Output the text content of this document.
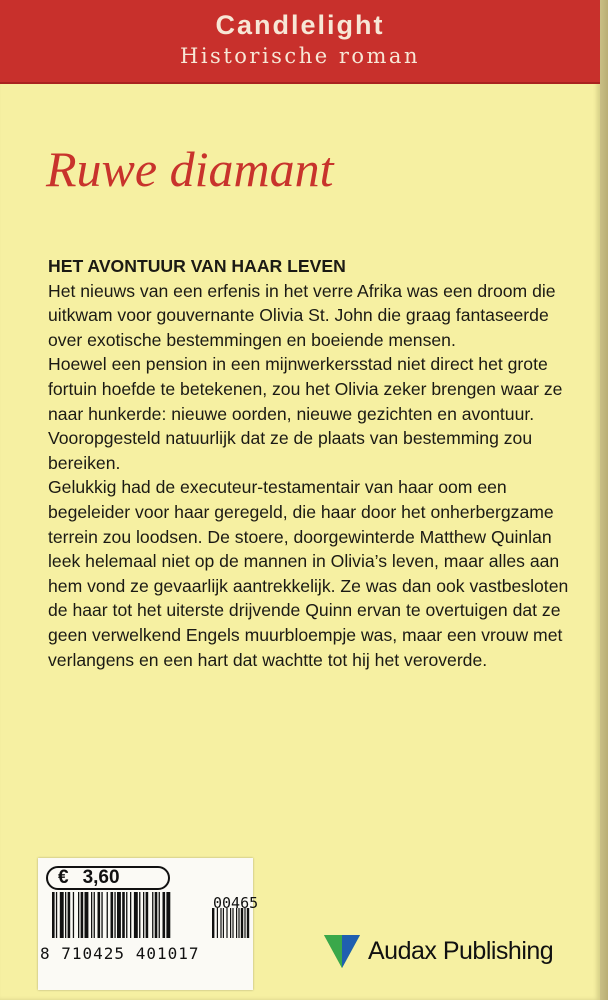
Candlelight
Historische roman
Ruwe diamant

HET AVONTUUR VAN HAAR LEVEN

Het nieuws van een erfenis in het verre Afrika was een droom die uitkwam voor gouvernante Olivia St. John die graag fantaseerde over exotische bestemmingen en boeiende mensen.

Hoewel een pension in een mijnwerkersstad niet direct het grote fortuin hoefde te betekenen, zou het Olivia zeker brengen waar ze naar hunkerde: nieuwe oorden, nieuwe gezichten en avontuur. Vooropgesteld natuurlijk dat ze de plaats van bestemming zou bereiken.

Gelukkig had de executeur-testamentair van haar oom een begeleider voor haar geregeld, die haar door het onherbergzame terrein zou loodsen. De stoere, doorgewinterde Matthew Quinlan leek helemaal niet op de mannen in Olivia’s leven, maar alles aan hem vond ze gevaarlijk aantrekkelijk. Ze was dan ook vastbesloten de haar tot het uiterste drijvende Quinn ervan te overtuigen dat ze geen verwelkend Engels muurbloempje was, maar een vrouw met verlangens en een hart dat wachtte tot hij het veroverde.

€ 3,60
00465
8 710425 401017	Audax Publishing
